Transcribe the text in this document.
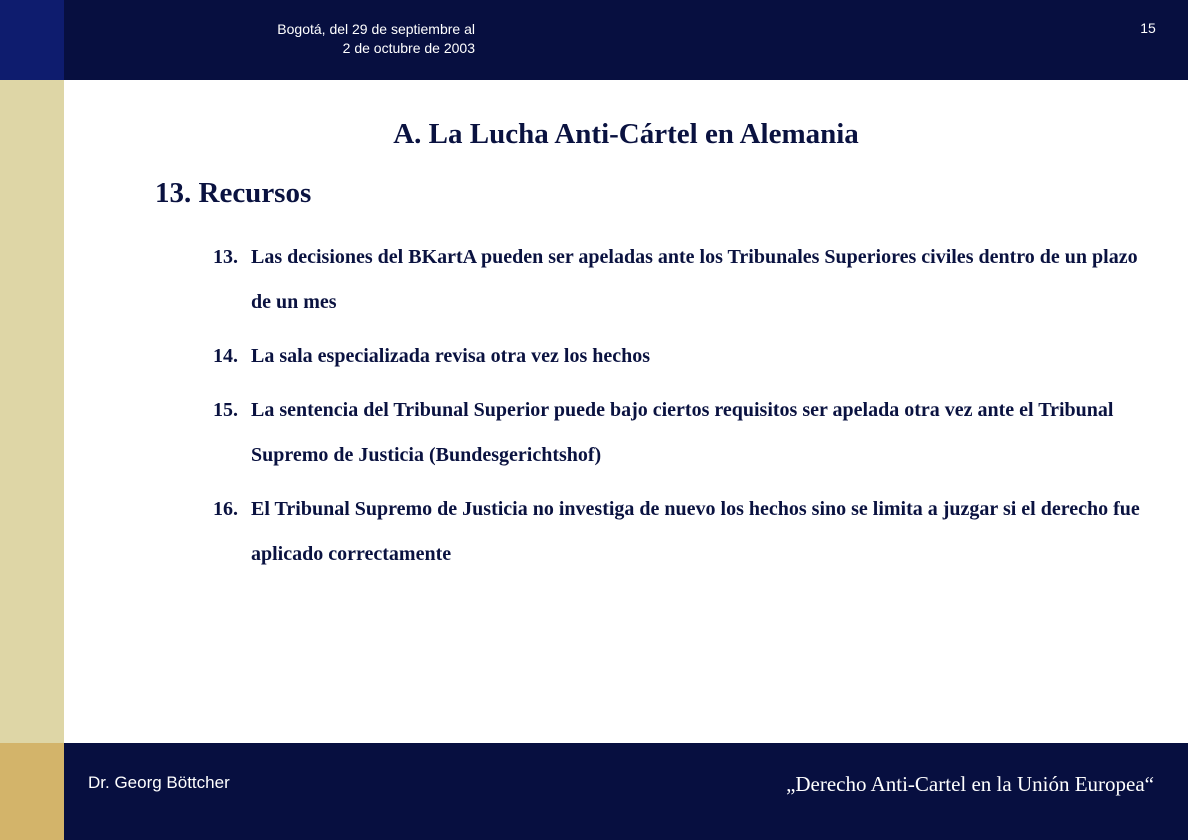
Bogotá, del 29 de septiembre al
2 de octubre de 2003

15
A. La Lucha Anti-Cártel en Alemania
13. Recursos
13. Las decisiones del BKartA pueden ser apeladas ante los Tribunales Superiores civiles dentro de un plazo de un mes
14. La sala especializada revisa otra vez los hechos
15. La sentencia del Tribunal Superior puede bajo ciertos requisitos ser apelada otra vez ante el Tribunal Supremo de Justicia (Bundesgerichtshof)
16. El Tribunal Supremo de Justicia no investiga de nuevo los hechos sino se limita a juzgar si el derecho fue aplicado correctamente
Dr. Georg Böttcher	„Derecho Anti-Cartel en la Unión Europea“
